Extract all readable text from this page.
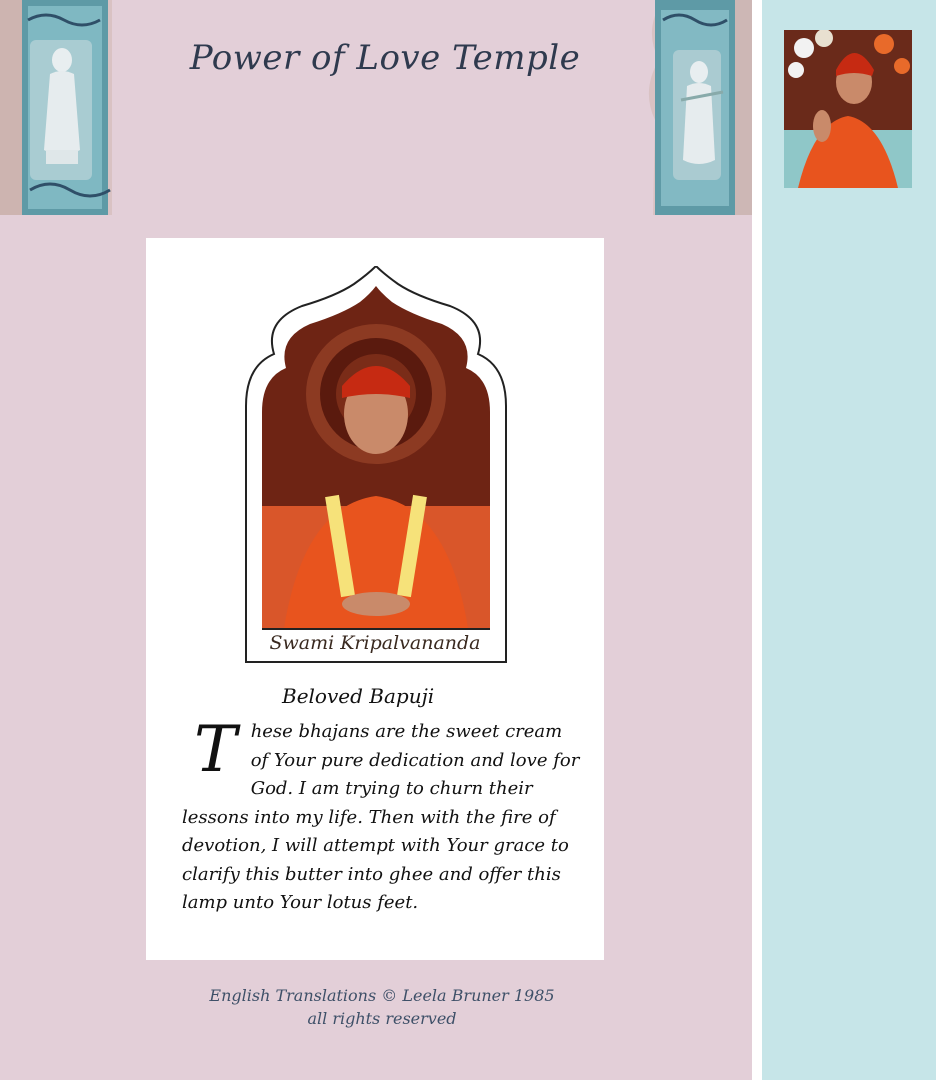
Power of Love Temple
Swami Kripalvananda
Beloved Bapuji
These bhajans are the sweet cream of Your pure dedication and love for God. I am trying to churn their lessons into my life. Then with the fire of devotion, I will attempt with Your grace to clarify this butter into ghee and offer this lamp unto Your lotus feet.
English Translations © Leela Bruner 1985
all rights reserved
